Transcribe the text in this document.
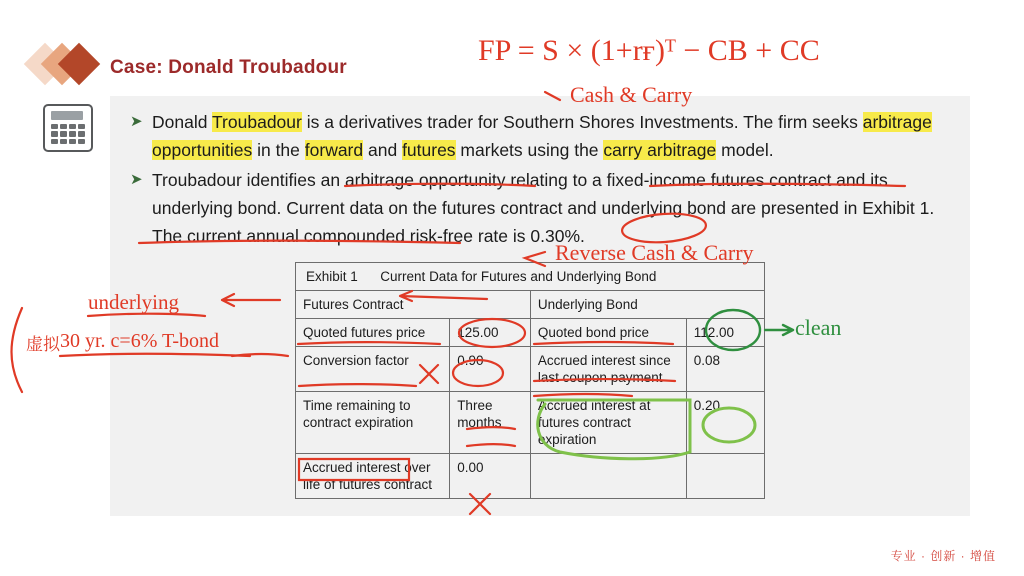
Case: Donald Troubadour
➤ Donald Troubadour is a derivatives trader for Southern Shores Investments. The firm seeks arbitrage opportunities in the forward and futures markets using the carry arbitrage model.
➤ Troubadour identifies an arbitrage opportunity relating to a fixed-income futures contract and its underlying bond. Current data on the futures contract and underlying bond are presented in Exhibit 1. The current annual compounded risk-free rate is 0.30%.
Exhibit 1 Current Data for Futures and Underlying Bond			
Futures Contract		Underlying Bond	
Quoted futures price	125.00	Quoted bond price	112.00
Conversion factor	0.90	Accrued interest since last coupon payment	0.08
Time remaining to contract expiration	Three months	Accrued interest at futures contract expiration	0.20
Accrued interest over life of futures contract	0.00		
专业 · 创新 · 增值
FP = S × (1+rғ)ᵀ − CB + CC
Cash & Carry
Reverse Cash & Carry
clean
underlying
30 yr. c=6% T-bond
虚拟
